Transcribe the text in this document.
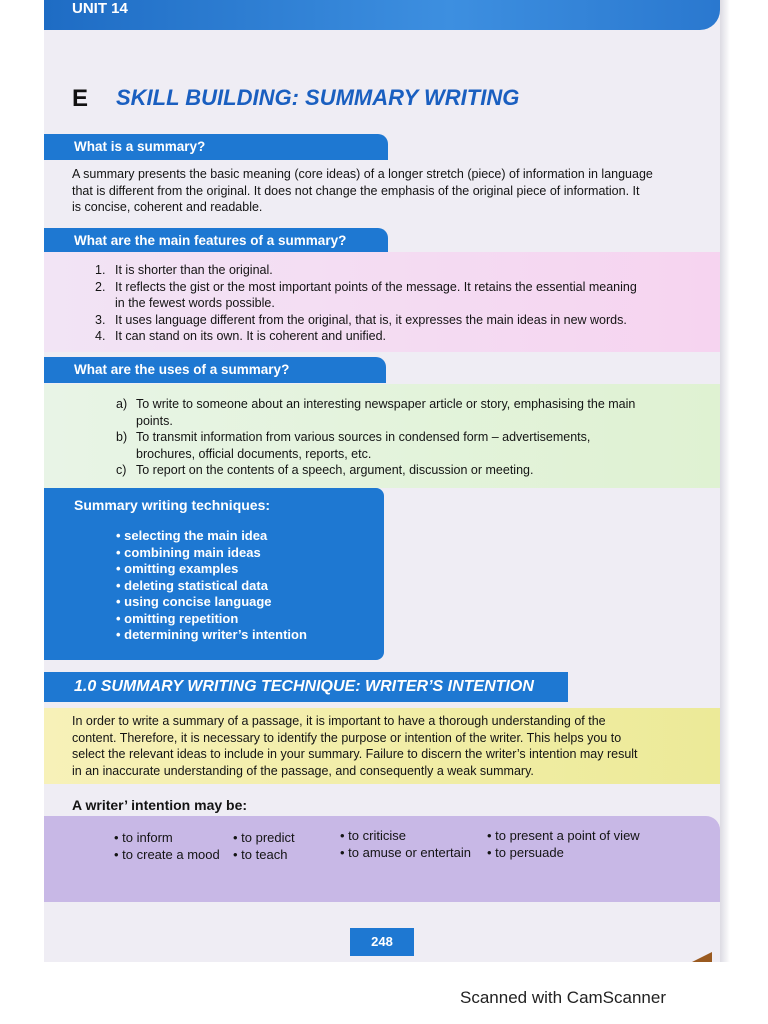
UNIT 14
E SKILL BUILDING: SUMMARY WRITING
What is a summary?
A summary presents the basic meaning (core ideas) of a longer stretch (piece) of information in language
that is different from the original. It does not change the emphasis of the original piece of information. It
is concise, coherent and readable.
What are the main features of a summary?
1. It is shorter than the original.
2. It reflects the gist or the most important points of the message. It retains the essential meaning
in the fewest words possible.
3. It uses language different from the original, that is, it expresses the main ideas in new words.
4. It can stand on its own. It is coherent and unified.
What are the uses of a summary?
a) To write to someone about an interesting newspaper article or story, emphasising the main
points.
b) To transmit information from various sources in condensed form – advertisements,
brochures, official documents, reports, etc.
c) To report on the contents of a speech, argument, discussion or meeting.
Summary writing techniques:
• selecting the main idea
• combining main ideas
• omitting examples
• deleting statistical data
• using concise language
• omitting repetition
• determining writer’s intention
1.0 SUMMARY WRITING TECHNIQUE: WRITER’S INTENTION
In order to write a summary of a passage, it is important to have a thorough understanding of the
content. Therefore, it is necessary to identify the purpose or intention of the writer. This helps you to
select the relevant ideas to include in your summary. Failure to discern the writer’s intention may result
in an inaccurate understanding of the passage, and consequently a weak summary.
A writer’ intention may be:
• to inform
• to create a mood
• to predict
• to teach
• to criticise
• to amuse or entertain
• to present a point of view
• to persuade
248
Scanned with CamScanner
